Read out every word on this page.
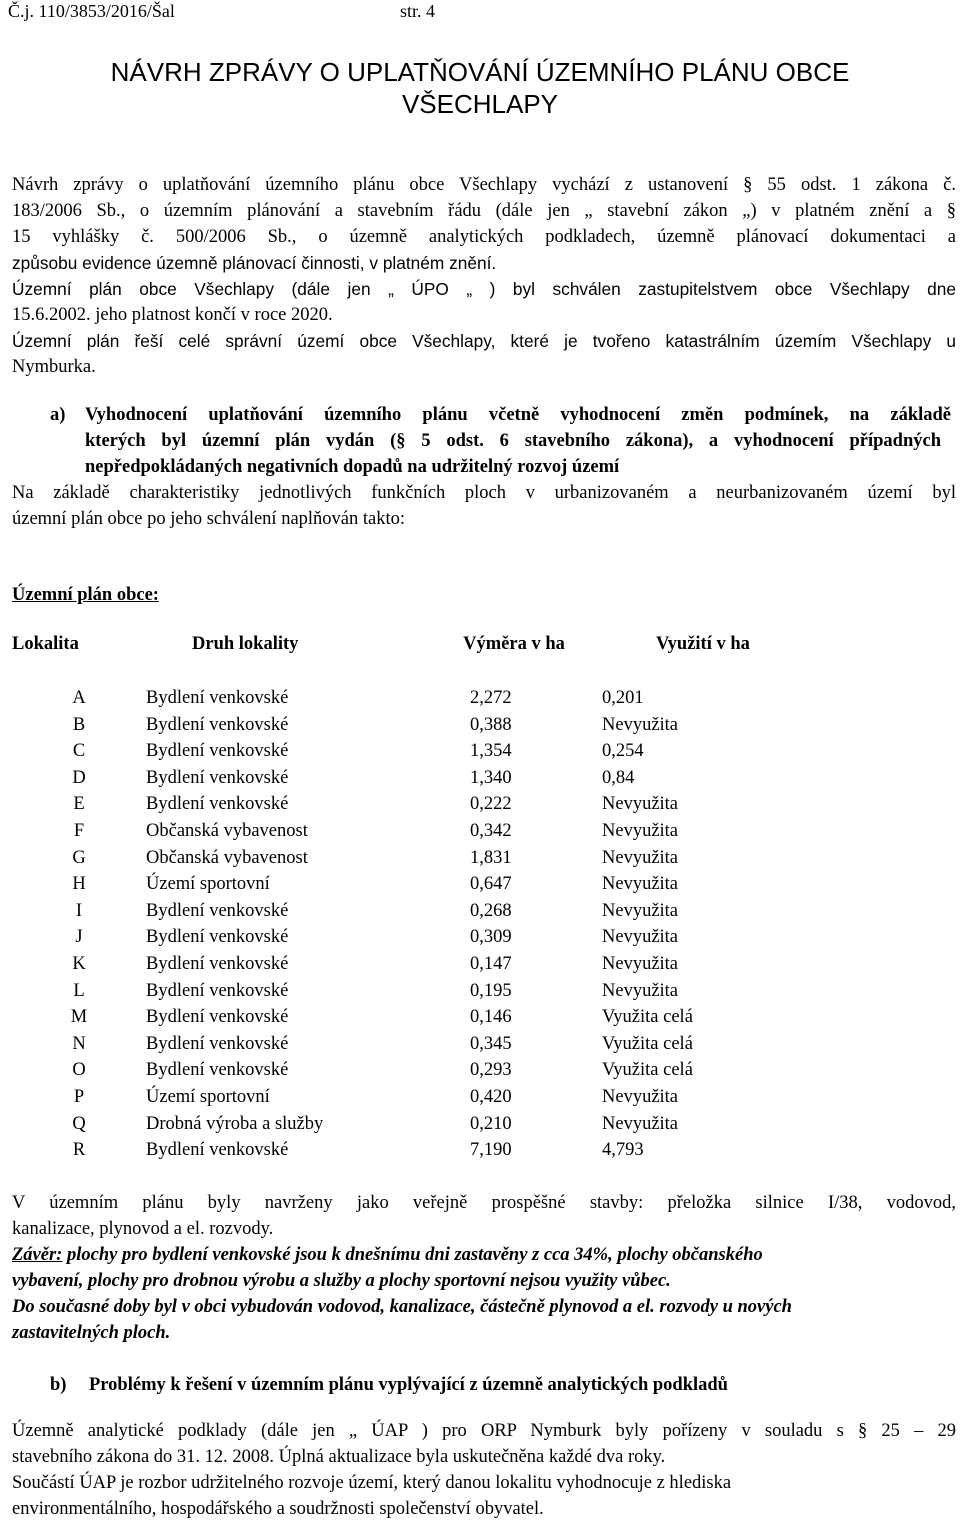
Č.j. 110/3853/2016/Šal	str. 4
NÁVRH ZPRÁVY O UPLATŇOVÁNÍ ÚZEMNÍHO PLÁNU OBCE
VŠECHLAPY
Návrh zprávy o uplatňování územního plánu obce Všechlapy vychází z ustanovení § 55 odst. 1 zákona č.
183/2006 Sb., o územním plánování a stavebním řádu (dále jen „ stavební zákon „) v platném znění a §
15 vyhlášky č. 500/2006 Sb., o územně analytických podkladech, územně plánovací dokumentaci a
způsobu evidence územně plánovací činnosti, v platném znění.
Územní plán obce Všechlapy (dále jen „ ÚPO „ ) byl schválen zastupitelstvem obce Všechlapy dne
15.6.2002. jeho platnost končí v roce 2020.
Územní plán řeší celé správní území obce Všechlapy, které je tvořeno katastrálním územím Všechlapy u
Nymburka.
a) Vyhodnocení uplatňování územního plánu včetně vyhodnocení změn podmínek, na základě
kterých byl územní plán vydán (§ 5 odst. 6 stavebního zákona), a vyhodnocení případných
nepředpokládaných negativních dopadů na udržitelný rozvoj území
Na základě charakteristiky jednotlivých funkčních ploch v urbanizovaném a neurbanizovaném území byl
územní plán obce po jeho schválení naplňován takto:
Územní plán obce:
Lokalita	Druh lokality	Výměra v ha	Využití v ha
A	Bydlení venkovské	2,272	0,201
B	Bydlení venkovské	0,388	Nevyužita
C	Bydlení venkovské	1,354	0,254
D	Bydlení venkovské	1,340	0,84
E	Bydlení venkovské	0,222	Nevyužita
F	Občanská vybavenost	0,342	Nevyužita
G	Občanská vybavenost	1,831	Nevyužita
H	Území sportovní	0,647	Nevyužita
I	Bydlení venkovské	0,268	Nevyužita
J	Bydlení venkovské	0,309	Nevyužita
K	Bydlení venkovské	0,147	Nevyužita
L	Bydlení venkovské	0,195	Nevyužita
M	Bydlení venkovské	0,146	Využita celá
N	Bydlení venkovské	0,345	Využita celá
O	Bydlení venkovské	0,293	Využita celá
P	Území sportovní	0,420	Nevyužita
Q	Drobná výroba a služby	0,210	Nevyužita
R	Bydlení venkovské	7,190	4,793
V územním plánu byly navrženy jako veřejně prospěšné stavby: přeložka silnice I/38, vodovod,
kanalizace, plynovod a el. rozvody.
Závěr: plochy pro bydlení venkovské jsou k dnešnímu dni zastavěny z cca 34%, plochy občanského
vybavení, plochy pro drobnou výrobu a služby a plochy sportovní nejsou využity vůbec.
Do současné doby byl v obci vybudován vodovod, kanalizace, částečně plynovod a el. rozvody u nových
zastavitelných ploch.
b) Problémy k řešení v územním plánu vyplývající z územně analytických podkladů
Územně analytické podklady (dále jen „ ÚAP ) pro ORP Nymburk byly pořízeny v souladu s § 25 – 29
stavebního zákona do 31. 12. 2008. Úplná aktualizace byla uskutečněna každé dva roky.
Součástí ÚAP je rozbor udržitelného rozvoje území, který danou lokalitu vyhodnocuje z hlediska
environmentálního, hospodářského a soudržnosti společenství obyvatel.
